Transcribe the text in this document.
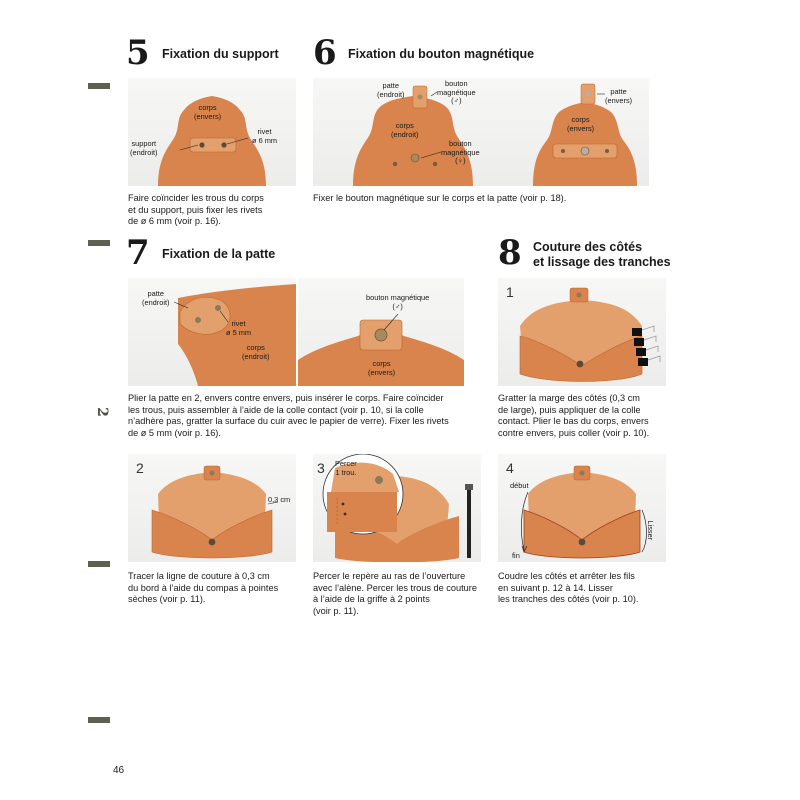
2
5 Fixation du support
corps
(envers)
support
(endroit)
rivet
ø 6 mm
Faire coïncider les trous du corps
et du support, puis fixer les rivets
de ø 6 mm (voir p. 16).
6 Fixation du bouton magnétique
patte
(endroit)
bouton
magnétique
(♂)
corps
(endroit)
bouton
magnétique
(♀)
patte
(envers)
corps
(envers)
Fixer le bouton magnétique sur le corps et la patte (voir p. 18).
7 Fixation de la patte
patte
(endroit)
rivet
ø 5 mm
corps
(endroit)
bouton magnétique
(♂)
corps
(envers)
Plier la patte en 2, envers contre envers, puis insérer le corps. Faire coïncider
les trous, puis assembler à l’aide de la colle contact (voir p. 10, si la colle
n’adhère pas, gratter la surface du cuir avec le papier de verre). Fixer les rivets
de ø 5 mm (voir p. 16).
8 Couture des côtés
et lissage des tranches
1
Gratter la marge des côtés (0,3 cm
de large), puis appliquer de la colle
contact. Plier le bas du corps, envers
contre envers, puis coller (voir p. 10).
2
0,3 cm
Tracer la ligne de couture à 0,3 cm
du bord à l’aide du compas à pointes
sèches (voir p. 11).
3 Percer
1 trou.
Percer le repère au ras de l’ouverture
avec l’alène. Percer les trous de couture
à l’aide de la griffe à 2 points
(voir p. 11).
4
début
fin
Lisser
Coudre les côtés et arrêter les fils
en suivant p. 12 à 14. Lisser
les tranches des côtés (voir p. 10).
46
